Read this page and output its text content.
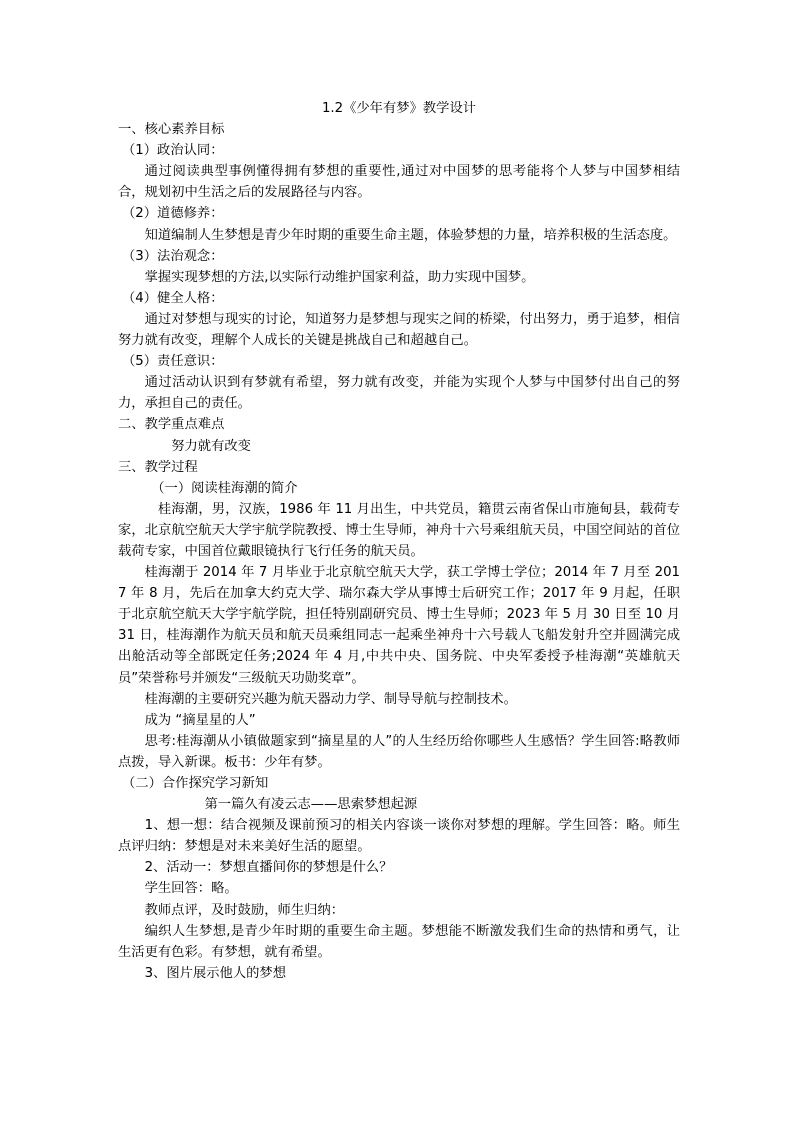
1.2《少年有梦》教学设计

一、核心素养目标

（1）政治认同：

通过阅读典型事例懂得拥有梦想的重要性,通过对中国梦的思考能将个人梦与中国梦相结合，规划初中生活之后的发展路径与内容。

（2）道德修养：

知道编制人生梦想是青少年时期的重要生命主题，体验梦想的力量，培养积极的生活态度。

（3）法治观念：

掌握实现梦想的方法,以实际行动维护国家利益，助力实现中国梦。

（4）健全人格：

通过对梦想与现实的讨论，知道努力是梦想与现实之间的桥梁，付出努力，勇于追梦，相信努力就有改变，理解个人成长的关键是挑战自己和超越自己。

（5）责任意识：

通过活动认识到有梦就有希望，努力就有改变，并能为实现个人梦与中国梦付出自己的努力，承担自己的责任。

二、教学重点难点

努力就有改变

三、教学过程

（一）阅读桂海潮的简介

桂海潮，男，汉族，1986 年 11 月出生，中共党员，籍贯云南省保山市施甸县，载荷专家，北京航空航天大学宇航学院教授、博士生导师，神舟十六号乘组航天员，中国空间站的首位载荷专家，中国首位戴眼镜执行飞行任务的航天员。

桂海潮于 2014 年 7 月毕业于北京航空航天大学，获工学博士学位；2014 年 7 月至 2017 年 8 月，先后在加拿大约克大学、瑞尔森大学从事博士后研究工作；2017 年 9 月起，任职于北京航空航天大学宇航学院，担任特别副研究员、博士生导师；2023 年 5 月 30 日至 10 月 31 日，桂海潮作为航天员和航天员乘组同志一起乘坐神舟十六号载人飞船发射升空并圆满完成出舱活动等全部既定任务;2024 年 4 月,中共中央、国务院、中央军委授予桂海潮“英雄航天员”荣誉称号并颁发“三级航天功勋奖章”。

桂海潮的主要研究兴趣为航天器动力学、制导导航与控制技术。

成为 “摘星星的人”

思考:桂海潮从小镇做题家到“摘星星的人”的人生经历给你哪些人生感悟？学生回答:略教师点拨，导入新课。板书：少年有梦。

（二）合作探究学习新知

第一篇久有凌云志——思索梦想起源

1、想一想：结合视频及课前预习的相关内容谈一谈你对梦想的理解。学生回答：略。师生点评归纳：梦想是对未来美好生活的愿望。

2、活动一：梦想直播间你的梦想是什么？

学生回答：略。

教师点评，及时鼓励，师生归纳：

编织人生梦想,是青少年时期的重要生命主题。梦想能不断激发我们生命的热情和勇气，让生活更有色彩。有梦想，就有希望。

3、图片展示他人的梦想
